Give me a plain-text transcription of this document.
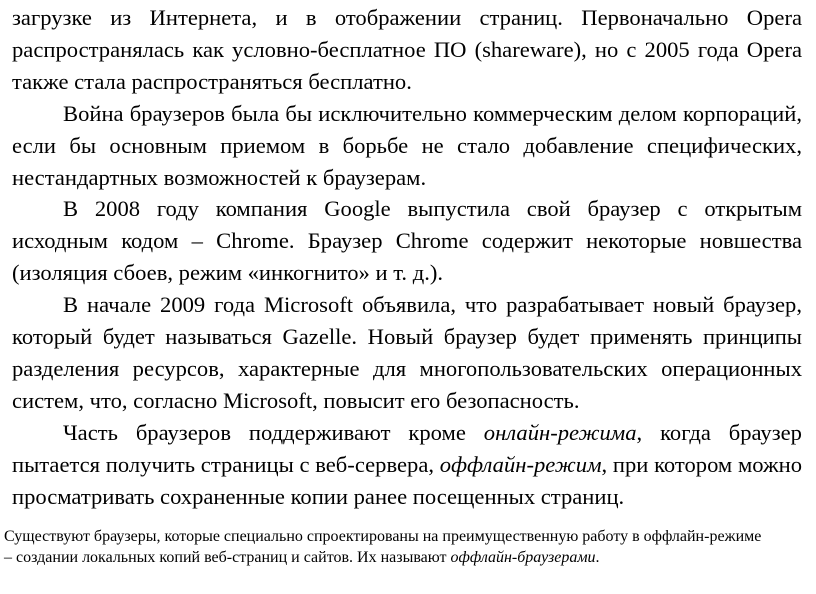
загрузке из Интернета, и в отображении страниц. Первоначально Opera распространялась как условно-бесплатное ПО (shareware), но с 2005 года Opera также стала распространяться бесплатно.

Война браузеров была бы исключительно коммерческим делом корпораций, если бы основным приемом в борьбе не стало добавление специфических, нестандартных возможностей к браузерам.

В 2008 году компания Google выпустила свой браузер с открытым исходным кодом – Chrome. Браузер Chrome содержит некоторые новшества (изоляция сбоев, режим «инкогнито» и т. д.).

В начале 2009 года Microsoft объявила, что разрабатывает новый браузер, который будет называться Gazelle. Новый браузер будет применять принципы разделения ресурсов, характерные для многопользовательских операционных систем, что, согласно Microsoft, повысит его безопасность.

Часть браузеров поддерживают кроме онлайн-режима, когда браузер пытается получить страницы с веб-сервера, оффлайн-режим, при котором можно просматривать сохраненные копии ранее посещенных страниц.

Существуют браузеры, которые специально спроектированы на преимущественную работу в оффлайн-режиме – создании локальных копий веб-страниц и сайтов. Их называют оффлайн-браузерами.
